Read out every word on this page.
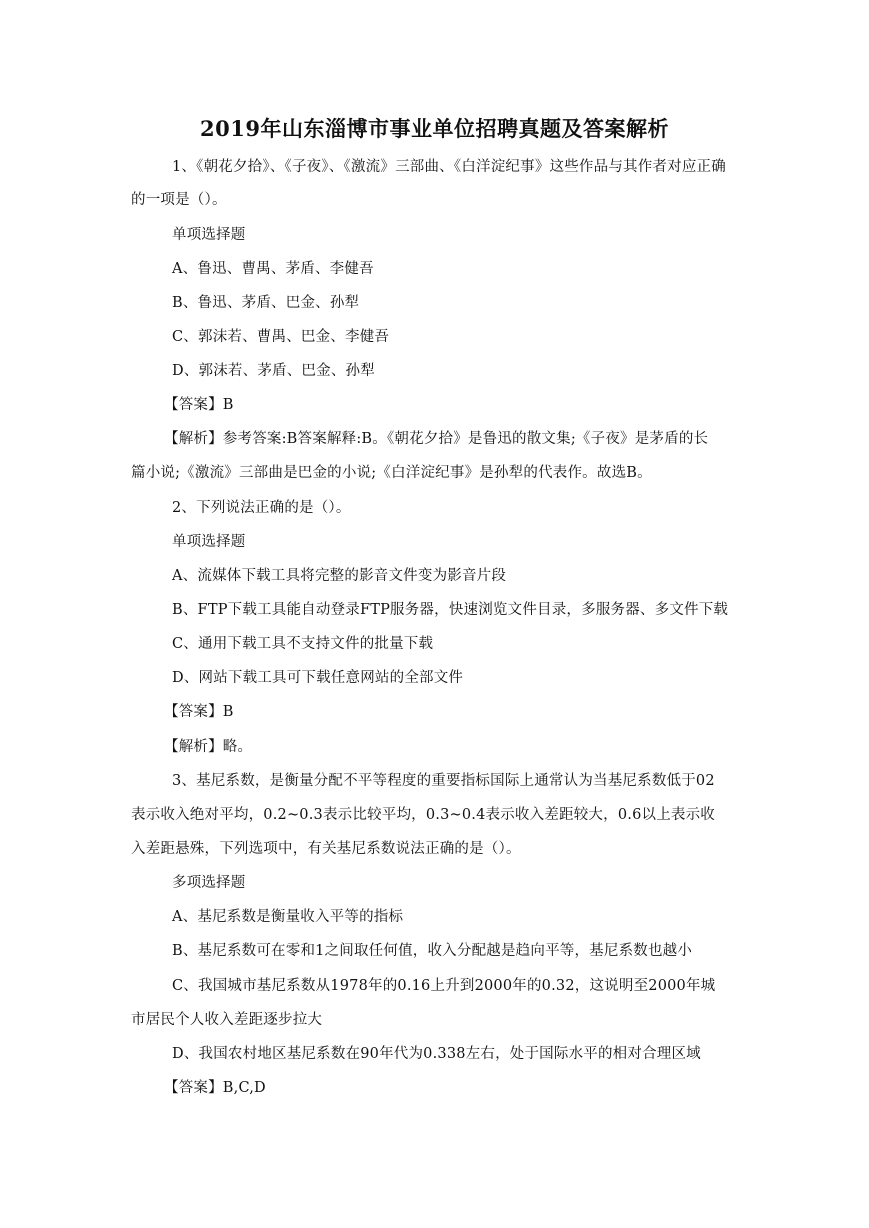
2019年山东淄博市事业单位招聘真题及答案解析
1、《朝花夕拾》、《子夜》、《激流》三部曲、《白洋淀纪事》这些作品与其作者对应正确
的一项是（）。
单项选择题
A、鲁迅、曹禺、茅盾、李健吾
B、鲁迅、茅盾、巴金、孙犁
C、郭沫若、曹禺、巴金、李健吾
D、郭沫若、茅盾、巴金、孙犁
【答案】B
【解析】参考答案:B答案解释:B。《朝花夕拾》是鲁迅的散文集;《子夜》是茅盾的长
篇小说;《激流》三部曲是巴金的小说;《白洋淀纪事》是孙犁的代表作。故选B。
2、下列说法正确的是（）。
单项选择题
A、流媒体下载工具将完整的影音文件变为影音片段
B、FTP下载工具能自动登录FTP服务器，快速浏览文件目录，多服务器、多文件下载
C、通用下载工具不支持文件的批量下载
D、网站下载工具可下载任意网站的全部文件
【答案】B
【解析】略。
3、基尼系数，是衡量分配不平等程度的重要指标国际上通常认为当基尼系数低于02
表示收入绝对平均，0.2~0.3表示比较平均，0.3~0.4表示收入差距较大，0.6以上表示收
入差距悬殊，下列选项中，有关基尼系数说法正确的是（）。
多项选择题
A、基尼系数是衡量收入平等的指标
B、基尼系数可在零和1之间取任何值，收入分配越是趋向平等，基尼系数也越小
C、我国城市基尼系数从1978年的0.16上升到2000年的0.32，这说明至2000年城
市居民个人收入差距逐步拉大
D、我国农村地区基尼系数在90年代为0.338左右，处于国际水平的相对合理区域
【答案】B,C,D
